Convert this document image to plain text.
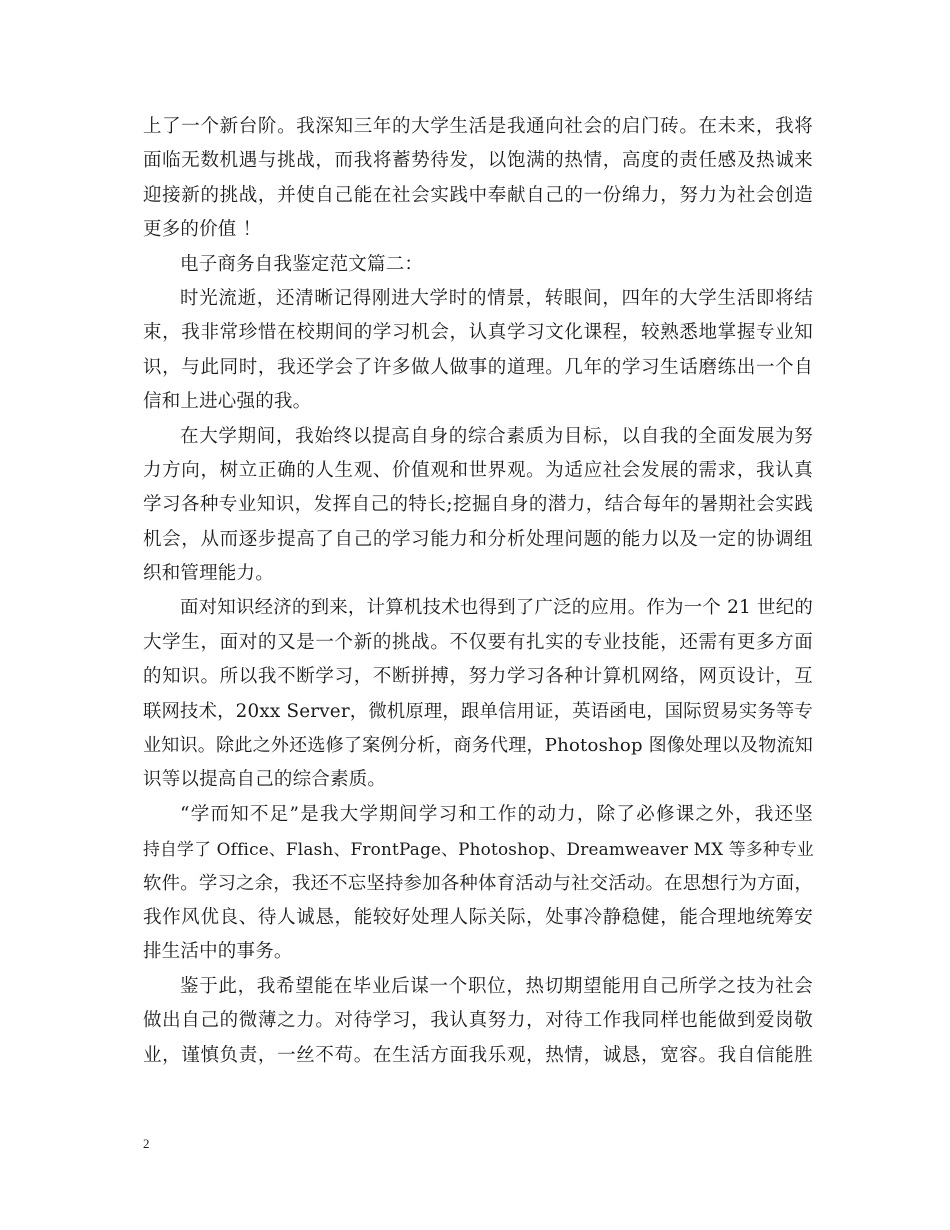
上了一个新台阶。我深知三年的大学生活是我通向社会的启门砖。在未来，我将
面临无数机遇与挑战，而我将蓄势待发，以饱满的热情，高度的责任感及热诚来
迎接新的挑战，并使自己能在社会实践中奉献自己的一份绵力，努力为社会创造
更多的价值 ！
电子商务自我鉴定范文篇二：
时光流逝，还清晰记得刚进大学时的情景，转眼间，四年的大学生活即将结
束，我非常珍惜在校期间的学习机会，认真学习文化课程，较熟悉地掌握专业知
识，与此同时，我还学会了许多做人做事的道理。几年的学习生话磨练出一个自
信和上进心强的我。
在大学期间，我始终以提高自身的综合素质为目标，以自我的全面发展为努
力方向，树立正确的人生观、价值观和世界观。为适应社会发展的需求，我认真
学习各种专业知识，发挥自己的特长;挖掘自身的潜力，结合每年的暑期社会实践
机会，从而逐步提高了自己的学习能力和分析处理问题的能力以及一定的协调组
织和管理能力。
面对知识经济的到来，计算机技术也得到了广泛的应用。作为一个 21 世纪的
大学生，面对的又是一个新的挑战。不仅要有扎实的专业技能，还需有更多方面
的知识。所以我不断学习，不断拼搏，努力学习各种计算机网络，网页设计，互
联网技术，20xx Server，微机原理，跟单信用证，英语函电，国际贸易实务等专
业知识。除此之外还选修了案例分析，商务代理，Photoshop 图像处理以及物流知
识等以提高自己的综合素质。
“学而知不足”是我大学期间学习和工作的动力，除了必修课之外，我还坚
持自学了 Office、Flash、FrontPage、Photoshop、Dreamweaver MX 等多种专业
软件。学习之余，我还不忘坚持参加各种体育活动与社交活动。在思想行为方面，
我作风优良、待人诚恳，能较好处理人际关际，处事冷静稳健，能合理地统筹安
排生活中的事务。
鉴于此，我希望能在毕业后谋一个职位，热切期望能用自己所学之技为社会
做出自己的微薄之力。对待学习，我认真努力，对待工作我同样也能做到爱岗敬
业，谨慎负责，一丝不苟。在生活方面我乐观，热情，诚恳，宽容。我自信能胜
2
